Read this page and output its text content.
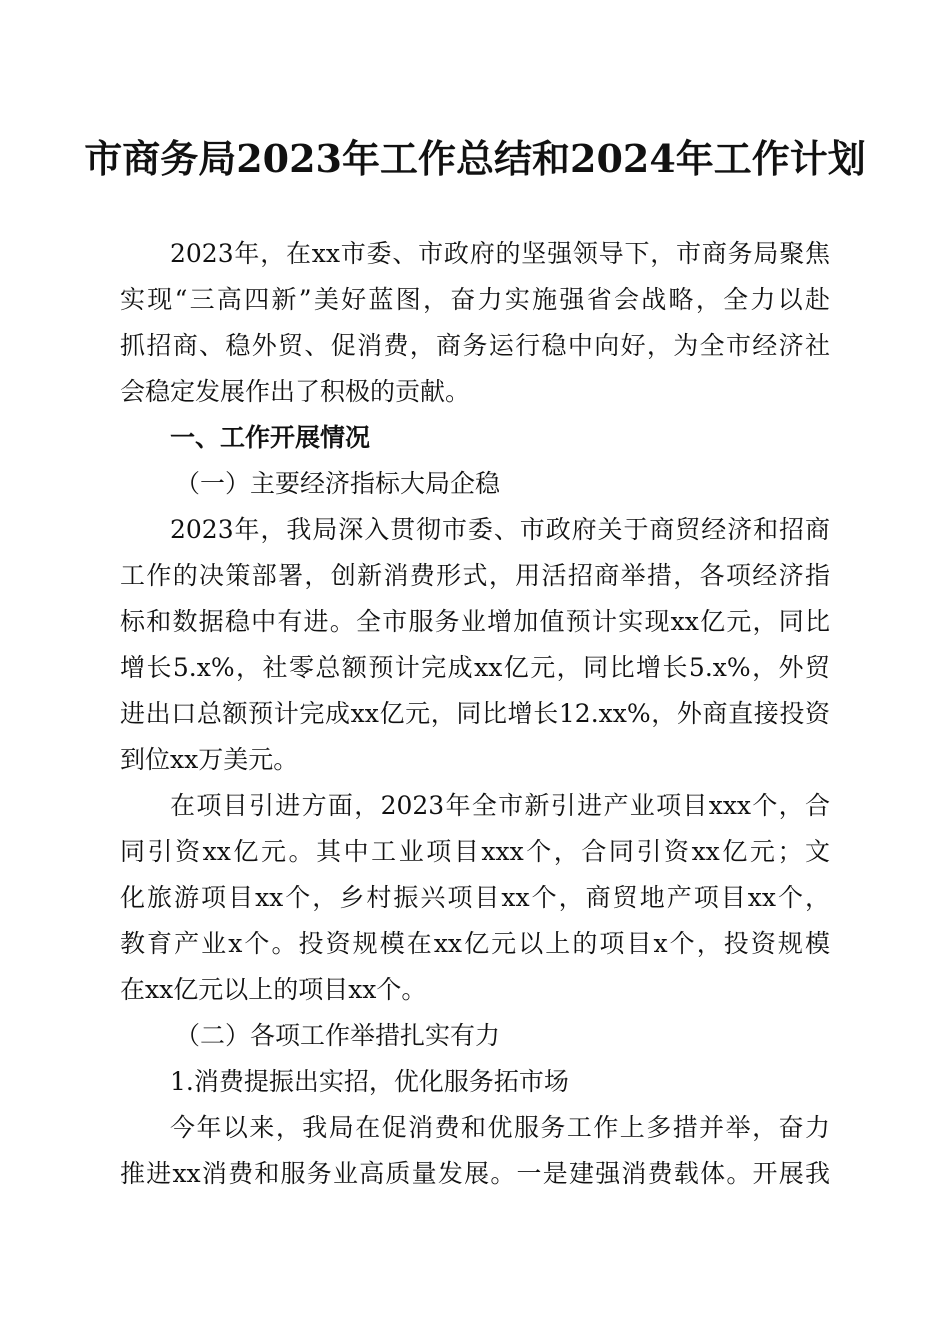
市商务局2023年工作总结和2024年工作计划
2023年，在xx市委、市政府的坚强领导下，市商务局聚焦
实现“三高四新”美好蓝图，奋力实施强省会战略，全力以赴
抓招商、稳外贸、促消费，商务运行稳中向好，为全市经济社
会稳定发展作出了积极的贡献。
一、工作开展情况
（一）主要经济指标大局企稳
2023年，我局深入贯彻市委、市政府关于商贸经济和招商
工作的决策部署，创新消费形式，用活招商举措，各项经济指
标和数据稳中有进。全市服务业增加值预计实现xx亿元，同比
增长5.x%，社零总额预计完成xx亿元，同比增长5.x%，外贸
进出口总额预计完成xx亿元，同比增长12.xx%，外商直接投资
到位xx万美元。
在项目引进方面，2023年全市新引进产业项目xxx个，合
同引资xx亿元。其中工业项目xxx个，合同引资xx亿元；文
化旅游项目xx个，乡村振兴项目xx个，商贸地产项目xx个，
教育产业x个。投资规模在xx亿元以上的项目x个，投资规模
在xx亿元以上的项目xx个。
（二）各项工作举措扎实有力
1.消费提振出实招，优化服务拓市场
今年以来，我局在促消费和优服务工作上多措并举，奋力
推进xx消费和服务业高质量发展。一是建强消费载体。开展我
